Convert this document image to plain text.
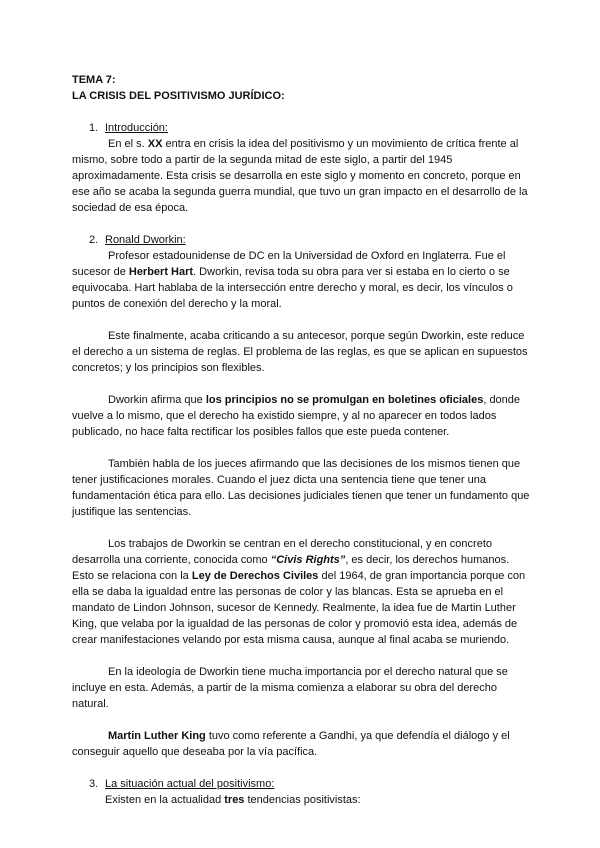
TEMA 7:
LA CRISIS DEL POSITIVISMO JURÍDICO:

1. Introducción:

En el s. XX entra en crisis la idea del positivismo y un movimiento de crítica frente al mismo, sobre todo a partir de la segunda mitad de este siglo, a partir del 1945 aproximadamente. Esta crisis se desarrolla en este siglo y momento en concreto, porque en ese año se acaba la segunda guerra mundial, que tuvo un gran impacto en el desarrollo de la sociedad de esa época.

2. Ronald Dworkin:

Profesor estadounidense de DC en la Universidad de Oxford en Inglaterra. Fue el sucesor de Herbert Hart. Dworkin, revisa toda su obra para ver si estaba en lo cierto o se equivocaba. Hart hablaba de la intersección entre derecho y moral, es decir, los vínculos o puntos de conexión del derecho y la moral.

Este finalmente, acaba criticando a su antecesor, porque según Dworkin, este reduce el derecho a un sistema de reglas. El problema de las reglas, es que se aplican en supuestos concretos; y los principios son flexibles.

Dworkin afirma que los principios no se promulgan en boletines oficiales, donde vuelve a lo mismo, que el derecho ha existido siempre, y al no aparecer en todos lados publicado, no hace falta rectificar los posibles fallos que este pueda contener.

También habla de los jueces afirmando que las decisiones de los mismos tienen que tener justificaciones morales. Cuando el juez dicta una sentencia tiene que tener una fundamentación ética para ello. Las decisiones judiciales tienen que tener un fundamento que justifique las sentencias.

Los trabajos de Dworkin se centran en el derecho constitucional, y en concreto desarrolla una corriente, conocida como “Civis Rights”, es decir, los derechos humanos. Esto se relaciona con la Ley de Derechos Civiles del 1964, de gran importancia porque con ella se daba la igualdad entre las personas de color y las blancas. Esta se aprueba en el mandato de Lindon Johnson, sucesor de Kennedy. Realmente, la idea fue de Martin Luther King, que velaba por la igualdad de las personas de color y promovió esta idea, además de crear manifestaciones velando por esta misma causa, aunque al final acaba se muriendo.

En la ideología de Dworkin tiene mucha importancia por el derecho natural que se incluye en esta. Además, a partir de la misma comienza a elaborar su obra del derecho natural.

Martin Luther King tuvo como referente a Gandhi, ya que defendía el diálogo y el conseguir aquello que deseaba por la vía pacífica.

3. La situación actual del positivismo:

Existen en la actualidad tres tendencias positivistas:
